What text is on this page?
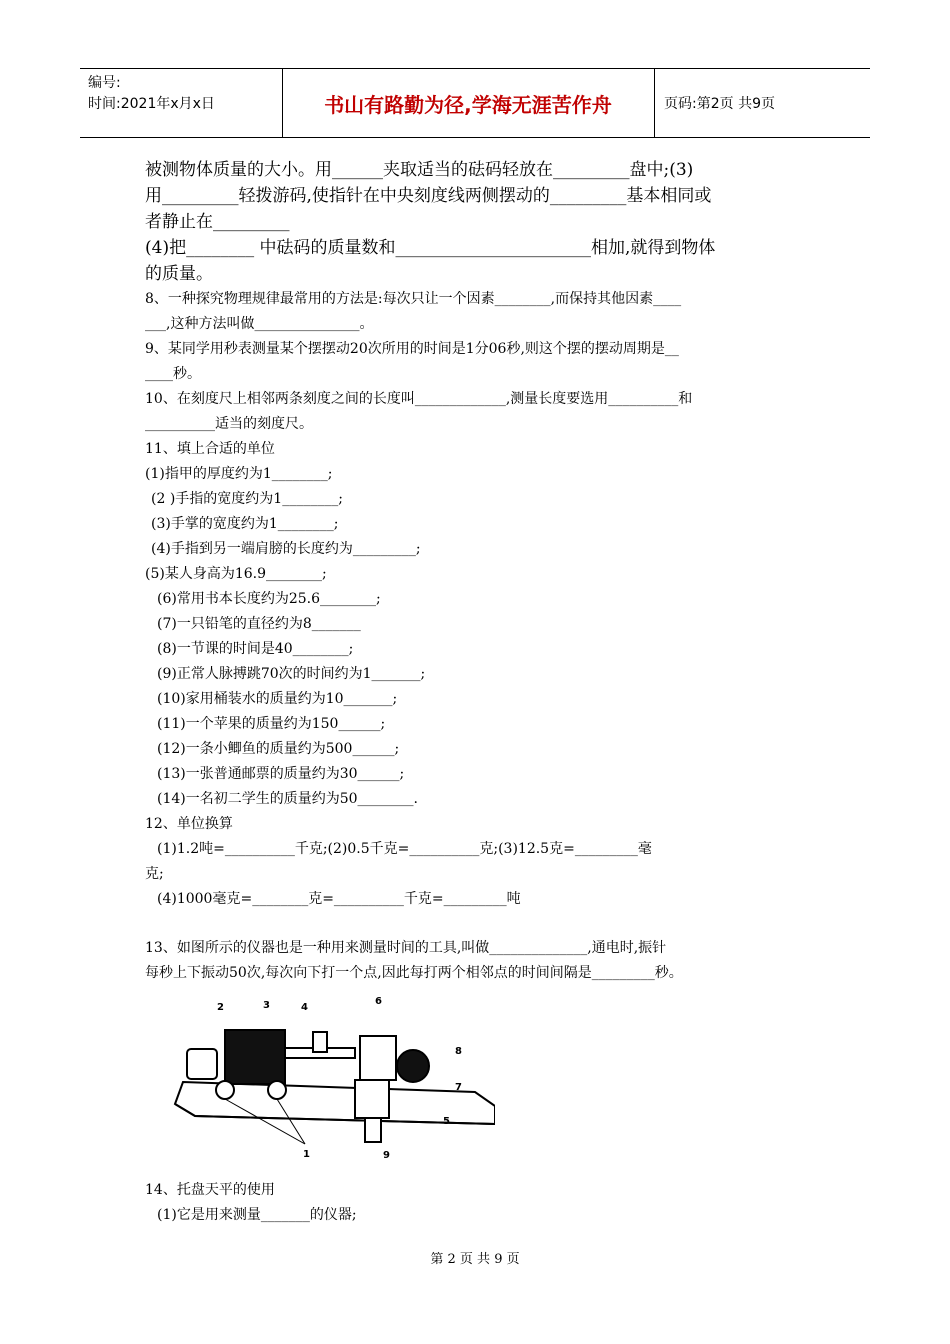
编号:
时间:2021年x月x日	书山有路勤为径,学海无涯苦作舟	页码:第2页 共9页
被测物体质量的大小。用______夹取适当的砝码轻放在_________盘中;(3)
用_________轻拨游码,使指针在中央刻度线两侧摆动的_________基本相同或
者静止在_________
(4)把________ 中砝码的质量数和_______________________相加,就得到物体
的质量。
8、一种探究物理规律最常用的方法是:每次只让一个因素________,而保持其他因素____
___,这种方法叫做_______________。
9、某同学用秒表测量某个摆摆动20次所用的时间是1分06秒,则这个摆的摆动周期是__
____秒。
10、在刻度尺上相邻两条刻度之间的长度叫_____________,测量长度要选用__________和
__________适当的刻度尺。
11、填上合适的单位
(1)指甲的厚度约为1________;
(2 )手指的宽度约为1________;
(3)手掌的宽度约为1________;
(4)手指到另一端肩膀的长度约为_________;
(5)某人身高为16.9________;
(6)常用书本长度约为25.6________;
(7)一只铅笔的直径约为8_______
(8)一节课的时间是40________;
(9)正常人脉搏跳70次的时间约为1_______;
(10)家用桶装水的质量约为10_______;
(11)一个苹果的质量约为150______;
(12)一条小鲫鱼的质量约为500______;
(13)一张普通邮票的质量约为30______;
(14)一名初二学生的质量约为50________.
12、单位换算
(1)1.2吨=__________千克;(2)0.5千克=__________克;(3)12.5克=_________毫
克;
(4)1000毫克=________克=__________千克=_________吨
13、如图所示的仪器也是一种用来测量时间的工具,叫做______________,通电时,振针
每秒上下振动50次,每次向下打一个点,因此每打两个相邻点的时间间隔是_________秒。
1
2	3	4
5
6
7
8
9
14、托盘天平的使用
(1)它是用来测量_______的仪器;
第 2 页 共 9 页
